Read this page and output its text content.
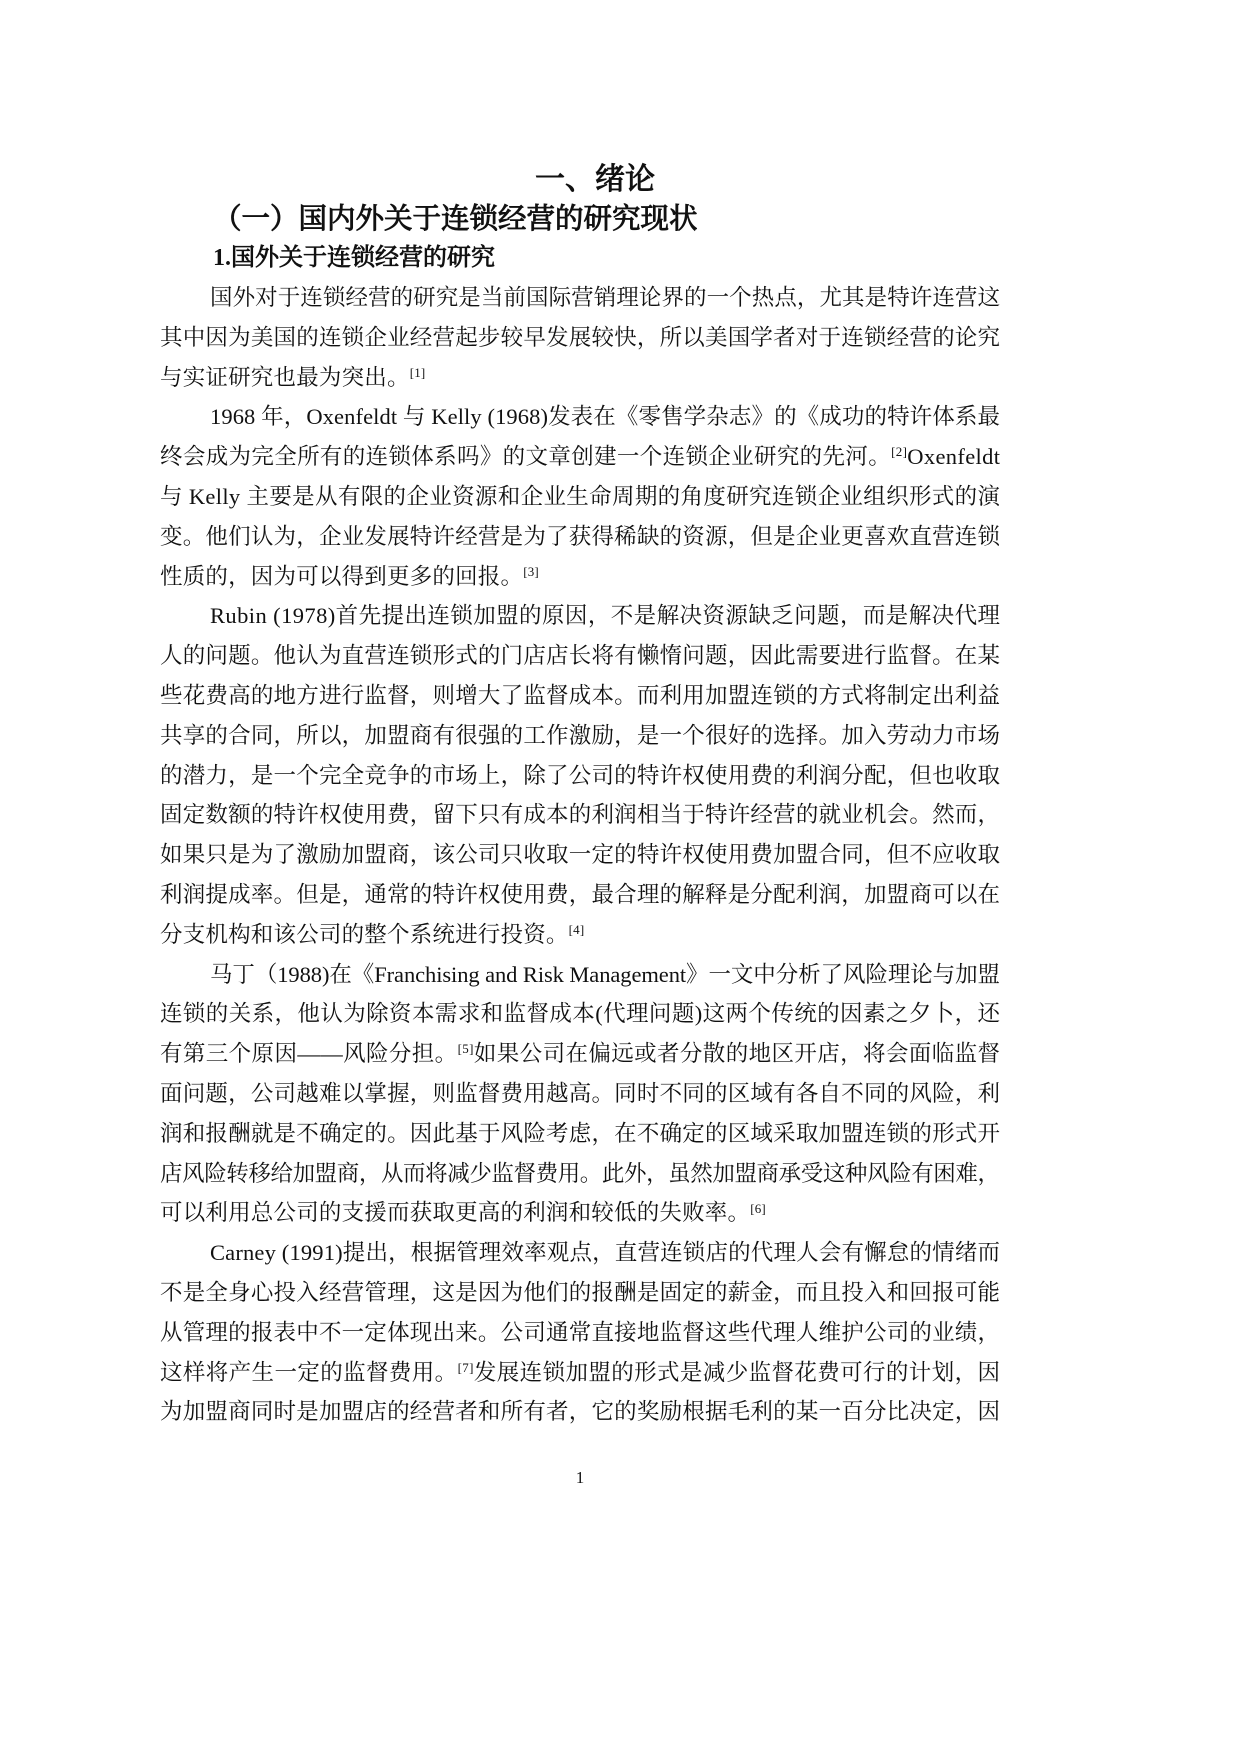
一、绪论
（一）国内外关于连锁经营的研究现状
1.国外关于连锁经营的研究
国外对于连锁经营的研究是当前国际营销理论界的一个热点，尤其是特许连营这
其中因为美国的连锁企业经营起步较早发展较快，所以美国学者对于连锁经营的论究
与实证研究也最为突出。[1]
1968 年，Oxenfeldt 与 Kelly (1968)发表在《零售学杂志》的《成功的特许体系最
终会成为完全所有的连锁体系吗》的文章创建一个连锁企业研究的先河。[2]Oxenfeldt
与 Kelly 主要是从有限的企业资源和企业生命周期的角度研究连锁企业组织形式的演
变。他们认为，企业发展特许经营是为了获得稀缺的资源，但是企业更喜欢直营连锁
性质的，因为可以得到更多的回报。[3]
Rubin (1978)首先提出连锁加盟的原因，不是解决资源缺乏问题，而是解决代理
人的问题。他认为直营连锁形式的门店店长将有懒惰问题，因此需要进行监督。在某
些花费高的地方进行监督，则增大了监督成本。而利用加盟连锁的方式将制定出利益
共享的合同，所以，加盟商有很强的工作激励，是一个很好的选择。加入劳动力市场
的潜力，是一个完全竞争的市场上，除了公司的特许权使用费的利润分配，但也收取
固定数额的特许权使用费，留下只有成本的利润相当于特许经营的就业机会。然而，
如果只是为了激励加盟商，该公司只收取一定的特许权使用费加盟合同，但不应收取
利润提成率。但是，通常的特许权使用费，最合理的解释是分配利润，加盟商可以在
分支机构和该公司的整个系统进行投资。[4]
马丁（1988)在《Franchising and Risk Management》一文中分析了风险理论与加盟
连锁的关系，他认为除资本需求和监督成本(代理问题)这两个传统的因素之夕卜，还
有第三个原因——风险分担。[5]如果公司在偏远或者分散的地区开店，将会面临监督
面问题，公司越难以掌握，则监督费用越高。同时不同的区域有各自不同的风险，利
润和报酬就是不确定的。因此基于风险考虑，在不确定的区域采取加盟连锁的形式开
店风险转移给加盟商，从而将减少监督费用。此外，虽然加盟商承受这种风险有困难，
可以利用总公司的支援而获取更高的利润和较低的失败率。[6]
Carney (1991)提出，根据管理效率观点，直营连锁店的代理人会有懈怠的情绪而
不是全身心投入经营管理，这是因为他们的报酬是固定的薪金，而且投入和回报可能
从管理的报表中不一定体现出来。公司通常直接地监督这些代理人维护公司的业绩，
这样将产生一定的监督费用。[7]发展连锁加盟的形式是减少监督花费可行的计划，因
为加盟商同时是加盟店的经营者和所有者，它的奖励根据毛利的某一百分比决定，因
1
